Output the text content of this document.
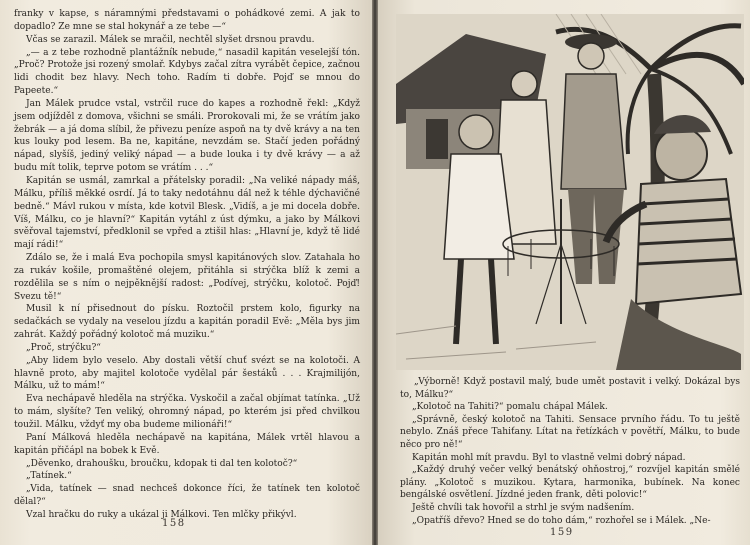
franky v kapse, s náramnými představami o pohádkové zemi. A jak to dopadlo? Ze mne se stal hokynář a ze tebe —“

Včas se zarazil. Málek se mračil, nechtěl slyšet drsnou pravdu.

„— a z tebe rozhodně plantážník nebude,“ nasadil kapitán veselejší tón. „Proč? Protože jsi rozený smolař. Kdybys začal zítra vyrábět čepice, začnou lidi chodit bez hlavy. Nech toho. Radím ti dobře. Pojď se mnou do Papeete.“

Jan Málek prudce vstal, vstrčil ruce do kapes a rozhodně řekl: „Když jsem odjížděl z domova, všichni se smáli. Prorokovali mi, že se vrátím jako žebrák — a já doma slíbil, že přivezu peníze aspoň na ty dvě krávy a na ten kus louky pod lesem. Ba ne, kapitáne, nevzdám se. Stačí jeden pořádný nápad, slyšíš, jediný veliký nápad — a bude louka i ty dvě krávy — a až budu mít tolik, teprve potom se vrátím . . .“

Kapitán se usmál, zamrkal a přátelsky poradil: „Na veliké nápady máš, Málku, příliš měkké osrdí. Já to taky nedotáhnu dál než k téhle dýchavičné bedně.“ Mávl rukou v místa, kde kotvil Blesk. „Vidíš, a je mi docela dobře. Víš, Málku, co je hlavní?“ Kapitán vytáhl z úst dýmku, a jako by Málkovi svěřoval tajemství, předklonil se vpřed a ztišil hlas: „Hlavní je, když tě lidé mají rádi!“

Zdálo se, že i malá Eva pochopila smysl kapitánových slov. Zatahala ho za rukáv košile, promaštěné olejem, přitáhla si strýčka blíž k zemi a rozdělila se s ním o nejpěknější radost: „Podívej, strýčku, kolotoč. Pojď! Svezu tě!“

Musil k ní přisednout do písku. Roztočil prstem kolo, figurky na sedačkách se vydaly na veselou jízdu a kapitán poradil Evě: „Měla bys jim zahrát. Každý pořádný kolotoč má muziku.“

„Proč, strýčku?“

„Aby lidem bylo veselo. Aby dostali větší chuť svézt se na kolotoči. A hlavně proto, aby majitel kolotoče vydělal pár šestáků . . . Krajmilijón, Málku, už to mám!“

Eva nechápavě hleděla na strýčka. Vyskočil a začal objímat tatínka. „Už to mám, slyšíte? Ten veliký, ohromný nápad, po kterém jsi před chvilkou toužil. Málku, vždyť my oba budeme milionáři!“

Paní Málková hleděla nechápavě na kapitána, Málek vrtěl hlavou a kapitán přičápl na bobek k Evě.

„Děvenko, drahoušku, broučku, kdopak ti dal ten kolotoč?“

„Tatínek.“

„Vida, tatínek — snad nechceš dokonce říci, že tatínek ten kolotoč dělal?“

Vzal hračku do ruky a ukázal ji Málkovi. Ten mlčky přikývl.

158

„Výborně! Když postavil malý, bude umět postavit i velký. Dokázal bys to, Málku?“

„Kolotoč na Tahiti?“ pomalu chápal Málek.

„Správně, český kolotoč na Tahiti. Sensace prvního řádu. To tu ještě nebylo. Znáš přece Tahiťany. Lítat na řetízkách v povětří, Málku, to bude něco pro ně!“

Kapitán mohl mít pravdu. Byl to vlastně velmi dobrý nápad.

„Každý druhý večer velký benátský ohňostroj,“ rozvíjel kapitán smělé plány. „Kolotoč s muzikou. Kytara, harmonika, bubínek. Na konec bengálské osvětlení. Jízdné jeden frank, děti polovic!“

Ještě chvíli tak hovořil a strhl je svým nadšením.

„Opatříš dřevo? Hned se do toho dám,“ rozhořel se i Málek. „Ne-

159
